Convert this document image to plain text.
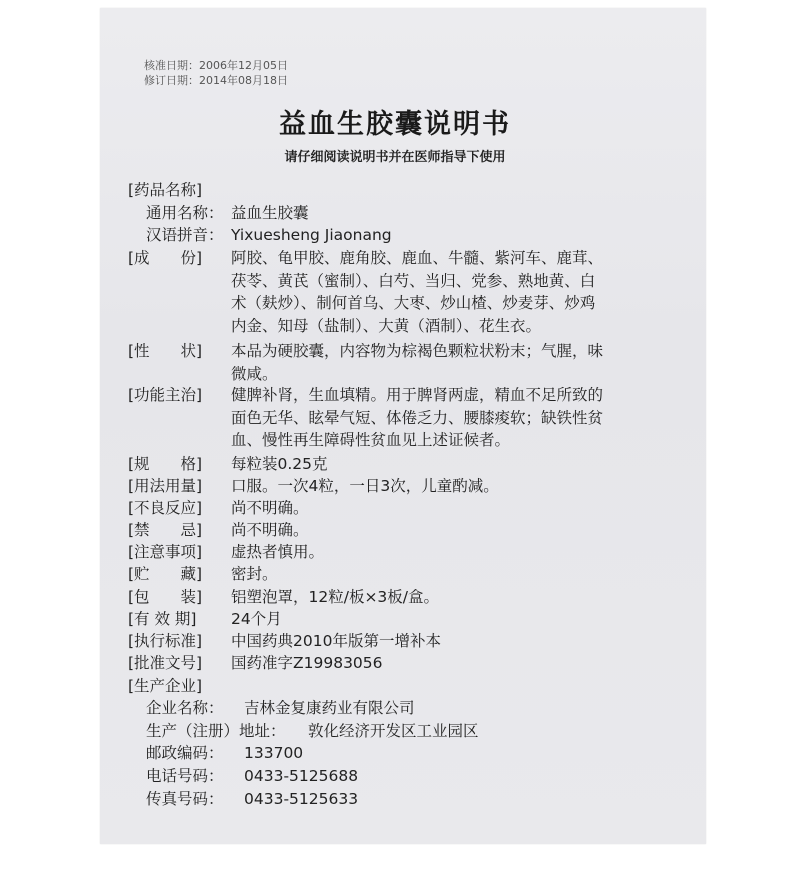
核准日期：2006年12月05日
修订日期：2014年08月18日
益血生胶囊说明书
请仔细阅读说明书并在医师指导下使用
[药品名称]
通用名称： 益血生胶囊
汉语拼音： Yixuesheng Jiaonang
[成　　份] 阿胶、龟甲胶、鹿角胶、鹿血、牛髓、紫河车、鹿茸、
茯苓、黄芪（蜜制）、白芍、当归、党参、熟地黄、白
术（麸炒）、制何首乌、大枣、炒山楂、炒麦芽、炒鸡
内金、知母（盐制）、大黄（酒制）、花生衣。
[性　　状] 本品为硬胶囊，内容物为棕褐色颗粒状粉末；气腥，味
微咸。
[功能主治] 健脾补肾，生血填精。用于脾肾两虚，精血不足所致的
面色无华、眩晕气短、体倦乏力、腰膝痠软；缺铁性贫
血、慢性再生障碍性贫血见上述证候者。
[规　　格] 每粒装0.25克
[用法用量] 口服。一次4粒，一日3次，儿童酌减。
[不良反应] 尚不明确。
[禁　　忌] 尚不明确。
[注意事项] 虚热者慎用。
[贮　　藏] 密封。
[包　　装] 铝塑泡罩，12粒/板×3板/盒。
[有 效 期] 24个月
[执行标准] 中国药典2010年版第一增补本
[批准文号] 国药准字Z19983056
[生产企业]
企业名称： 吉林金复康药业有限公司
生产（注册）地址： 敦化经济开发区工业园区
邮政编码： 133700
电话号码： 0433-5125688
传真号码： 0433-5125633
